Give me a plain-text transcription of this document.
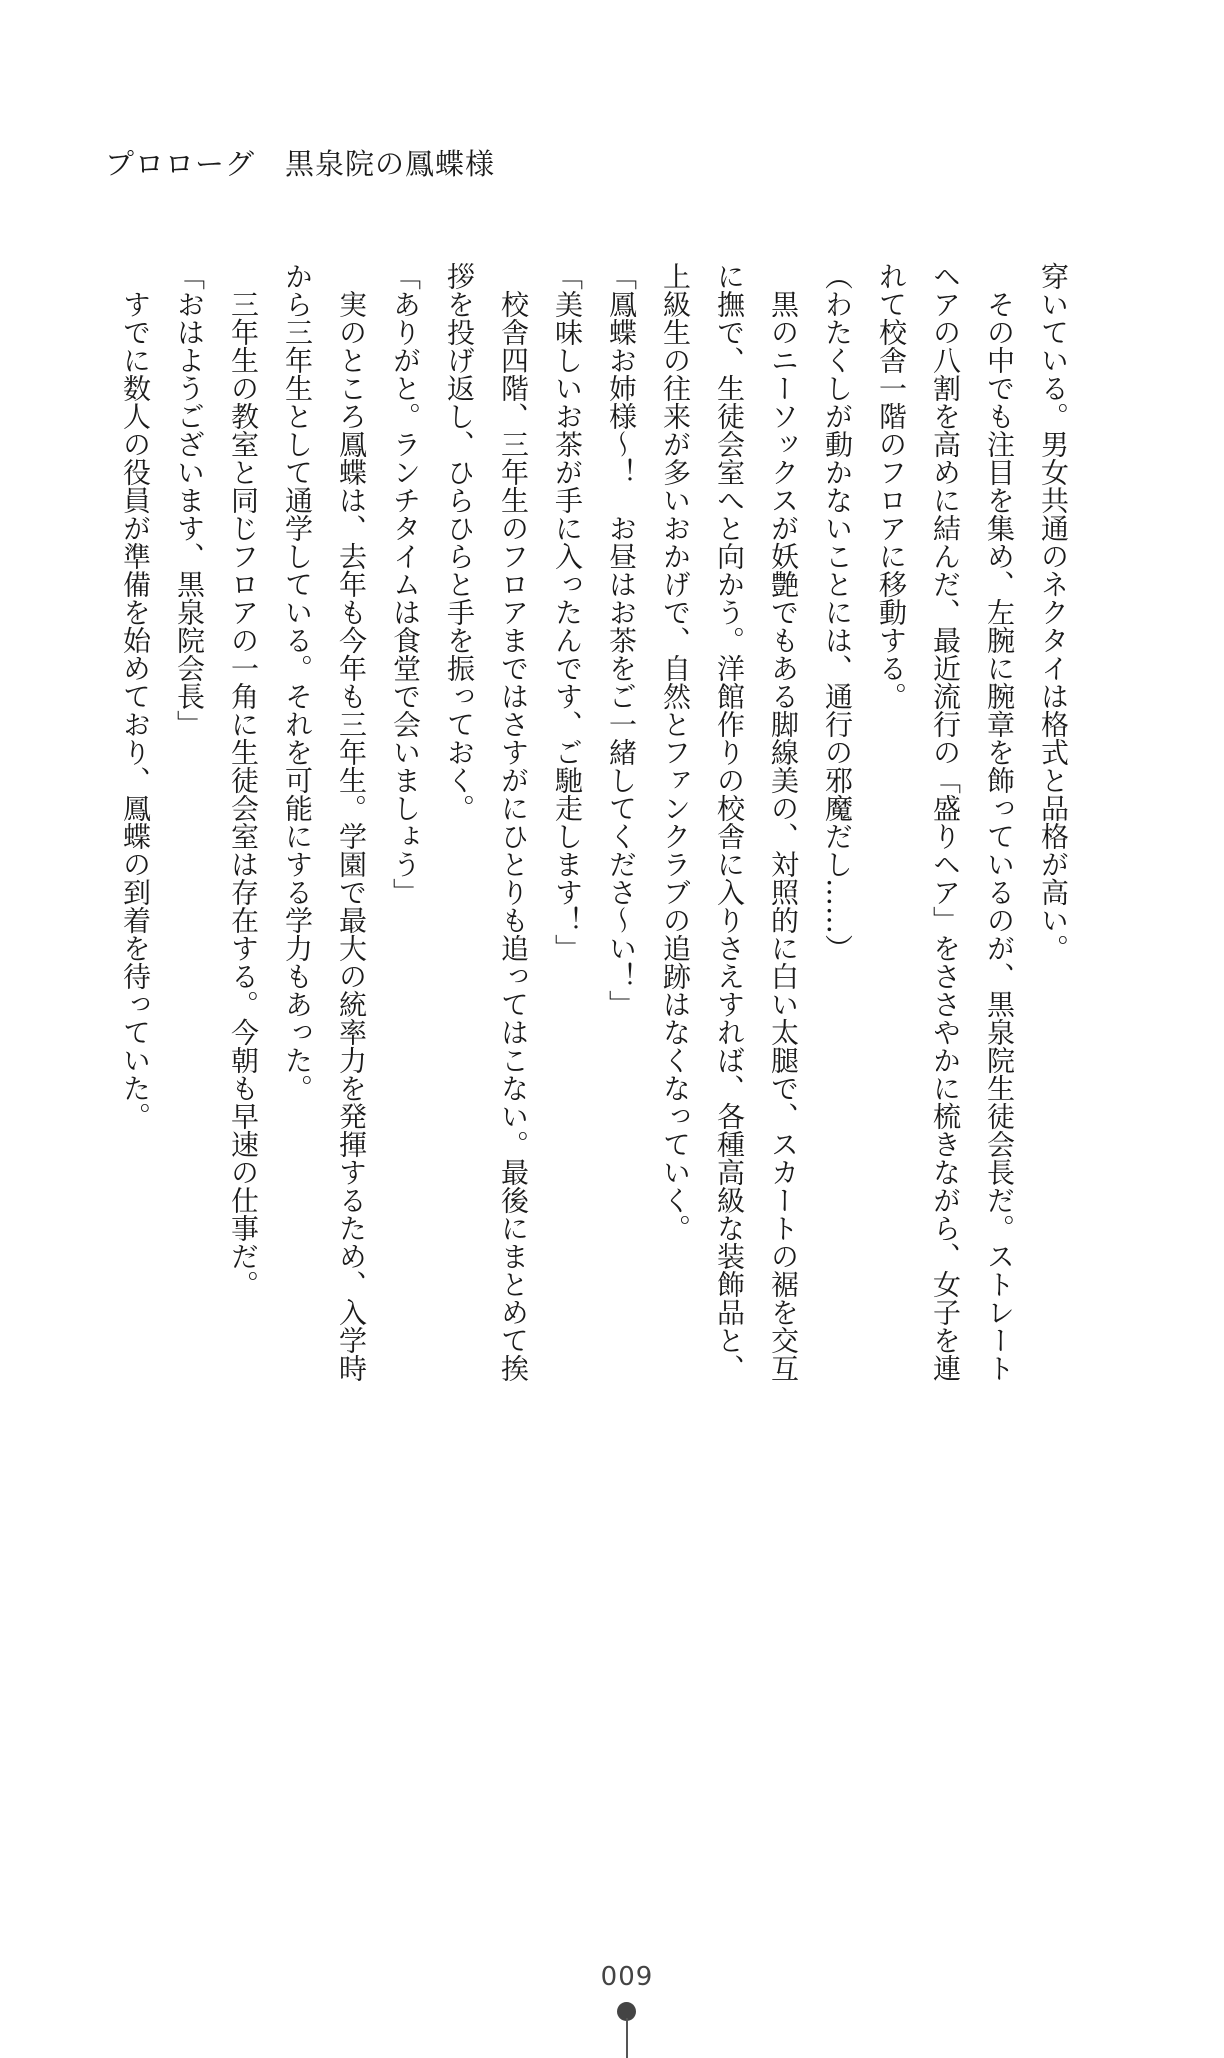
プロローグ　黒泉院の鳳蝶様
穿いている。男女共通のネクタイは格式と品格が高い。
その中でも注目を集め、左腕に腕章を飾っているのが、黒泉院生徒会長だ。ストレート
ヘアの八割を高めに結んだ、最近流行の「盛りヘア」をささやかに梳きながら、女子を連
れて校舎一階のフロアに移動する。
（わたくしが動かないことには、通行の邪魔だし……）
黒のニーソックスが妖艶でもある脚線美の、対照的に白い太腿で、スカートの裾を交互
に撫で、生徒会室へと向かう。洋館作りの校舎に入りさえすれば、各種高級な装飾品と、
上級生の往来が多いおかげで、自然とファンクラブの追跡はなくなっていく。
「鳳蝶お姉様〜！　お昼はお茶をご一緒してくださ〜い！」
「美味しいお茶が手に入ったんです、ご馳走します！」
校舎四階、三年生のフロアまではさすがにひとりも追ってはこない。最後にまとめて挨
拶を投げ返し、ひらひらと手を振っておく。
「ありがと。ランチタイムは食堂で会いましょう」
実のところ鳳蝶は、去年も今年も三年生。学園で最大の統率力を発揮するため、入学時
から三年生として通学している。それを可能にする学力もあった。
三年生の教室と同じフロアの一角に生徒会室は存在する。今朝も早速の仕事だ。
「おはようございます、黒泉院会長」
すでに数人の役員が準備を始めており、鳳蝶の到着を待っていた。
009
